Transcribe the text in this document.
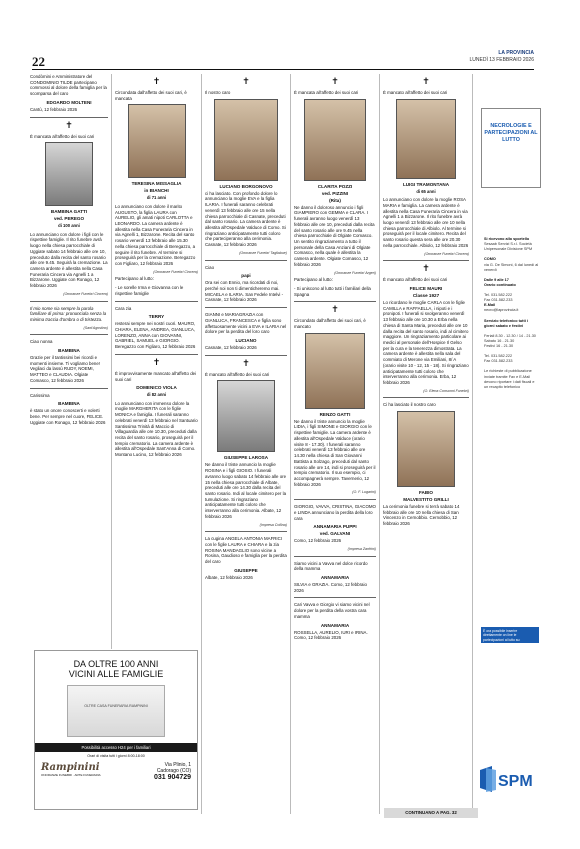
22
LA PROVINCIA
LUNEDÌ 13 FEBBRAIO 2026

Condòmini e Amministratore del CONDOMINIO TILDE partecipano commossi al dolore della famiglia per la scomparsa del caro

EDOARDO MOLTENI

Cantù, 12 febbraio 2026

✝

È mancata all'affetto dei suoi cari

BAMBINA GATTI
ved. PEREGO
di 100 anni

Lo annunciano con dolore i figli con le rispettive famiglie. Il rito funebre avrà luogo nella chiesa parrocchiale di Uggiate sabato 14 febbraio alle ore 10, preceduto dalla recita del santo rosario alle ore 9.45. Seguirà la cremazione. La camera ardente è allestita nella Casa Funeraria Cincera via Agnelli 1 a Bizzarone. Uggiate con Ronago, 12 febbraio 2026

(Onoranze Funebri Cincera)

Il mio nome sia sempre la parola familiare di prima: pronunciala senza la minima traccia d'ombra o di tristezza.

(Sant'Agostino)

Ciao nonna

BAMBINA

Grazie per il tantissimi bei ricordi e momenti insieme. Ti vogliamo bene! Vegliaci da lassù RUDY, NOEMI, MATTEO e CLAUDIA. Olgiate Comasco, 12 febbraio 2026

Carissima

BAMBINA

è stato un onore conoscerti e volerti bene. Per sempre nel cuore, FELICE. Uggiate con Ronago, 12 febbraio 2026

DA OLTRE 100 ANNI
VICINI ALLE FAMIGLIE
OLTRE CASA FUNERARIA RAMPININI
Possibilità accesso H24 per i familiari
Orari di visita tutti i giorni 8:00-18:00
Rampinini
ONORANZE FUNEBRI · ARTE FUNERARIA
Via Plinio, 1
Cadorago (CO)
031 904729
✝

Circondata dall'affetto dei suoi cari, è mancata

TERESINA MISSAGLIA
in BIANCHI
di 71 anni

Lo annunciano con dolore il marito AUGUSTO, la figlia LAURA con AURELIO, gli amati nipoti CARLOTTA e LEONARDO. La camera ardente è allestita nella Casa Funeraria Cincera in via Agnelli 1, Bizzarone. Recita del santo rosario venerdì 13 febbraio alle 15.30 nella chiesa parrocchiale di Beregazzo, a seguire il rito funebre. Al termine si proseguirà per la cremazione. Beregazzo con Figliaro, 12 febbraio 2026

(Onoranze Funebri Cincera)

Partecipano al lutto:

- Le sorelle Irma e Giovanna con le rispettive famiglie

Cara zia

TERRY

resterai sempre nei nostri cuori. MAURO, CHIARA, ELENA, ANDREA, GIANLUCA, LORENZO, ANNA con GIOVANNI, GABRIEL, SAMUEL e GIORGIO. Beregazzo con Figliaro, 12 febbraio 2026

✝

È improvvisamente mancato all'affetto dei suoi cari

DOMENICO VIOLA
di 82 anni

Lo annunciano con immenso dolore la moglie MARGHERITA con le figlie MONICA e famiglia. I funerali saranno celebrati venerdì 13 febbraio nel Santuario Santissima Trinità di Maccio di Villaguardia alle ore 10.30, preceduti dalla recita del santo rosario, proseguirà per il tempio crematorio. La camera ardente è allestita all'Ospedale Sant'Anna di Como. Montano Lucino, 12 febbraio 2026

✝

Il nostro caro

LUCIANO BORGONOVO

ci ha lasciato. Con profondo dolore lo annunciano la moglie EVA e la figlia ILARIA. I funerali saranno celebrati venerdì 13 febbraio alle ore 15 nella chiesa parrocchiale di Casnate, preceduti dal santo rosario. La camera ardente è allestita all'Ospedale Valduce di Como. Si ringraziano anticipatamente tutti coloro che parteciperanno alla cerimonia. Casnate, 12 febbraio 2026

(Onoranze Funebri Tagliabue)

Ciao

papi

Ora sei con Ennio, ma ricordati di noi, perché noi non ti dimenticheremo mai. MICAELA e ILARIA. San Fedele Intelvi - Casnate, 12 febbraio 2026

GIANNI e MARIAGRAZIA con GIANLUCA, FRANCESCA e figlia sono affettuosamente vicini a EVA e ILARIA nel dolore per la perdita del loro caro

LUCIANO

Casnate, 12 febbraio 2026

✝

È mancato all'affetto dei suoi cari

GIUSEPPE LAROSA

Ne danno il triste annuncio la moglie ROSINA e i figli GIOSIO. I funerali avranno luogo sabato 14 febbraio alle ore 15 nella chiesa parrocchiale di Albate, preceduti alle ore 14.30 dalla recita del santo rosario. Indi al locale cimitero per la tumulazione. Si ringraziano anticipatamente tutti coloro che interverranno alla cerimonia. Albate, 12 febbraio 2026

(Impresa Collina)

La cugina ANGELA ANTONIA MAFRICI con le figlie LAURA e CHIARA e la zia ROSINA MANDAGLIO sono vicine a Rosina, Gaudioso e famiglia per la perdita del caro

GIUSEPPE

Albate, 12 febbraio 2026

✝

È mancata all'affetto dei suoi cari

CLARITA POZZI
ved. PIZZINI
(Rita)

Ne danno il doloroso annuncio i figli GIAMPIERO con GEMMA e CLARA. I funerali avranno luogo venerdì 13 febbraio alle ore 10, preceduti dalla recita del santo rosario alle ore 9.45 nella chiesa parrocchiale di Olgiate Comasco. Un sentito ringraziamento a tutto il personale della Casa Anziani di Olgiate Comasco, nella quale è allestita la camera ardente. Olgiate Comasco, 12 febbraio 2026

(Onoranze Funebri Argeri)

Partecipano al lutto:

- Si uniscono al lutto tutti i familiari della Spagna

✝

Circondato dall'affetto dei suoi cari, è mancato

RENZO GATTI

Ne danno il triste annuncio la moglie LIDIA, i figli SIMONE e GIORGIO con le rispettive famiglie. La camera ardente è allestita all'Ospedale Valduce (orario visite 8 - 17.30). I funerali saranno celebrati venerdì 13 febbraio alle ore 14.30 nella chiesa di San Giovanni Battista a Solzago, preceduti dal santo rosario alle ore 14, indi si proseguirà per il tempio crematorio. Il suo esempio, ci accompagnerà sempre. Tavernerio, 12 febbraio 2026

(O. F. Lugarini)

GIORGIO, VAVVA, CRISTINA, GIACOMO e LINDA annunciano la perdita della loro cara

ANNAMARIA PUPPI
ved. GALVANI

Como, 12 febbraio 2026

(Impresa Zanfrini)

Siamo vicini a Vavva nel dolce ricordo della mamma

ANNAMARIA

SILVIA e GRAZIA. Como, 12 febbraio 2026

Cari Vavva e Giorgio vi siamo vicini nel dolore per la perdita della vostra cara mamma

ANNAMARIA

ROSSELLA, AURELIO, IURI e IRINA. Como, 12 febbraio 2026

✝

È mancato all'affetto dei suoi cari

LUIGI TRAMONTANA
di 65 anni

Lo annunciano con dolore la moglie ROSA MARIA e famiglia. La camera ardente è allestita nella Casa Funeraria Cincera in via Agnelli 1 a Bizzarone. Il rito funebre avrà luogo venerdì 13 febbraio alle ore 10 nella chiesa parrocchiale di Albiolo. Al termine si proseguirà per il locale cimitero. Recita del santo rosario questa sera alle ore 20.30 nella parrocchiale. Albiolo, 12 febbraio 2026

(Onoranze Funebri Cincera)
✝

È mancato all'affetto dei suoi cari

FELICE MAURI
Classe 1927

Lo ricordano le moglie CARLA con le figlie CAMILLA e RAFFAELLA, i nipoti e i pronipoti. I funerali si svolgeranno venerdì 13 febbraio alle ore 10.30 a Erba nella chiesa di Santa Maria, preceduti alle ore 10 dalla recita del santo rosario, indi al cimitero maggiore. Un ringraziamento particolare ai medici al personale dell'Hospice Il Gelso per la cura e la tenerezza dimostrata. La camera ardente è allestita nella sala del commiato di Merone via Emiliani, 8/ A (orario visite 10 - 12, 15 - 18). Si ringraziano anticipatamente tutti coloro che interverranno alla cerimonia. Erba, 12 febbraio 2026

(O. Elena Consonni Funebri)

Ci ha lasciato il nostro caro

FABIO
MALVESTITO GRILLI

La cerimonia funebre si terrà sabato 14 febbraio alle ore 10 nella chiesa di San Vincenzo in Cernobbio. Cernobbio, 12 febbraio 2026

CONTINUANO A PAG. 32
NECROLOGIE E PARTECIPAZIONI AL LUTTO

Si ricevono allo sportello
Sesaab Servizi S.r.l. Società Unipersonale Divisione SPM

COMO
via G. De Simoni, 6 dal lunedì al venerdì

Dalle 9 alle 17
Orario continuato

Tel. 031.582.222
Fax 031.582.233
E-Mail
necro@laprovincia.it

Servizio telefonico tutti i giorni sabato e festivi

Feriali 8.30 - 12.30 / 14 - 21.30
Sabato 16 - 21.30
Festivi 16 - 21.30

Tel. 031.582.222
Fax 031.582.233

Le richieste di pubblicazione inviate tramite Fax e E-Mail devono riportare i dati fiscali e un recapito telefonico

È ora possibile inserire direttamente on line le partecipazioni al lutto su:
SPM
